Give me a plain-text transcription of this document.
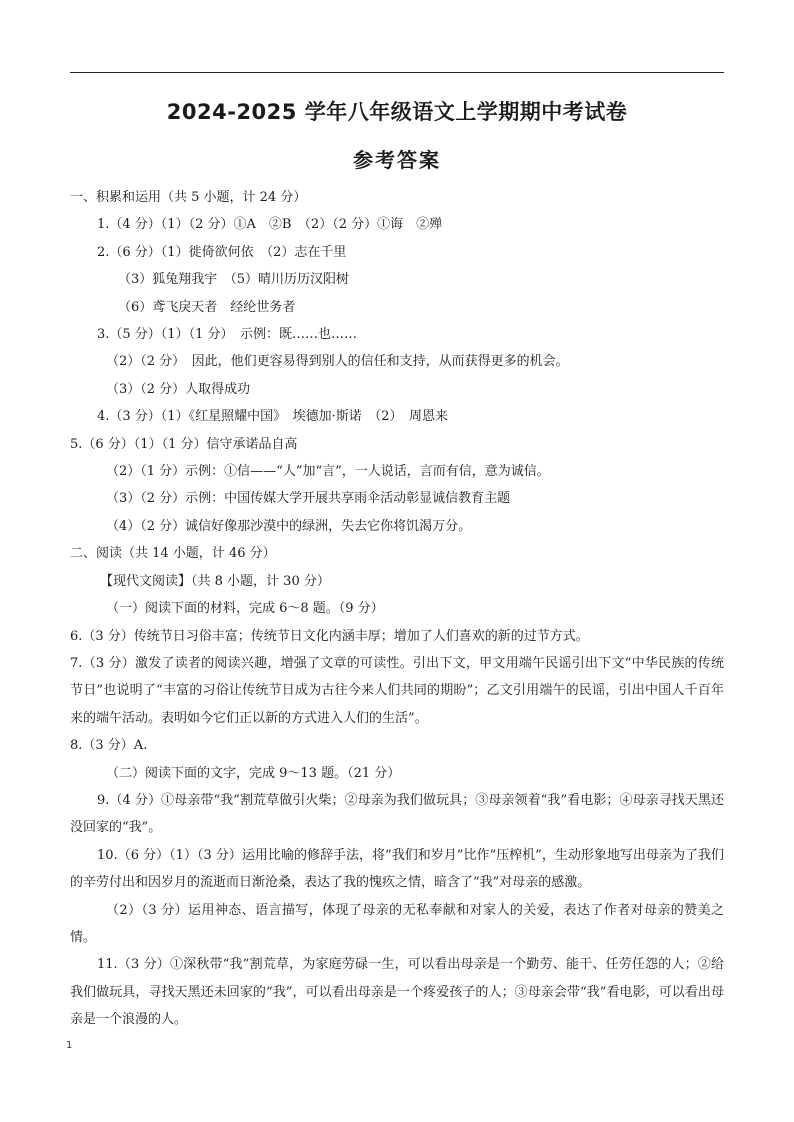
2024-2025 学年八年级语文上学期期中考试卷
参考答案
一、积累和运用（共 5 小题，计 24 分）
1.（4 分）（1）（2 分）①A　②B　（2）（2 分）①诲　②殚
2.（6 分）（1）徙倚欲何依　（2）志在千里
（3）狐兔翔我宇　（5）晴川历历汉阳树
（6）鸢飞戾天者　经纶世务者
3.（5 分）（1）（1 分）　示例：既……也……
（2）（2 分）　因此，他们更容易得到别人的信任和支持，从而获得更多的机会。
（3）（2 分）人取得成功
4.（3 分）（1）《红星照耀中国》　埃德加·斯诺　（2）　周恩来
5.（6 分）（1）（1 分）信守承诺品自高
（2）（1 分）示例：①信——“人”加“言”，一人说话，言而有信，意为诚信。
（3）（2 分）示例：中国传媒大学开展共享雨伞活动彰显诚信教育主题
（4）（2 分）诚信好像那沙漠中的绿洲，失去它你将饥渴万分。
二、阅读（共 14 小题，计 46 分）
【现代文阅读】（共 8 小题，计 30 分）
（一）阅读下面的材料，完成 6～8 题。（9 分）
6.（3 分）传统节日习俗丰富；传统节日文化内涵丰厚；增加了人们喜欢的新的过节方式。
7.（3 分）激发了读者的阅读兴趣，增强了文章的可读性。引出下文，甲文用端午民谣引出下文“中华民族的传统节日”也说明了“丰富的习俗让传统节日成为古往今来人们共同的期盼”；乙文引用端午的民谣，引出中国人千百年来的端午活动。表明如今它们正以新的方式进入人们的生活”。
8.（3 分）A.
（二）阅读下面的文字，完成 9～13 题。（21 分）
9.（4 分）①母亲带“我”割荒草做引火柴；②母亲为我们做玩具；③母亲领着“我”看电影；④母亲寻找天黑还没回家的“我”。
10.（6 分）（1）（3 分）运用比喻的修辞手法，将“我们和岁月”比作“压榨机”，生动形象地写出母亲为了我们的辛劳付出和因岁月的流逝而日渐沧桑，表达了我的愧疚之情，暗含了“我”对母亲的感激。
（2）（3 分）运用神态、语言描写，体现了母亲的无私奉献和对家人的关爱，表达了作者对母亲的赞美之情。
11.（3 分）①深秋带“我”割荒草，为家庭劳碌一生，可以看出母亲是一个勤劳、能干、任劳任怨的人；②给我们做玩具，寻找天黑还未回家的“我”，可以看出母亲是一个疼爱孩子的人；③母亲会带“我”看电影，可以看出母亲是一个浪漫的人。
1
